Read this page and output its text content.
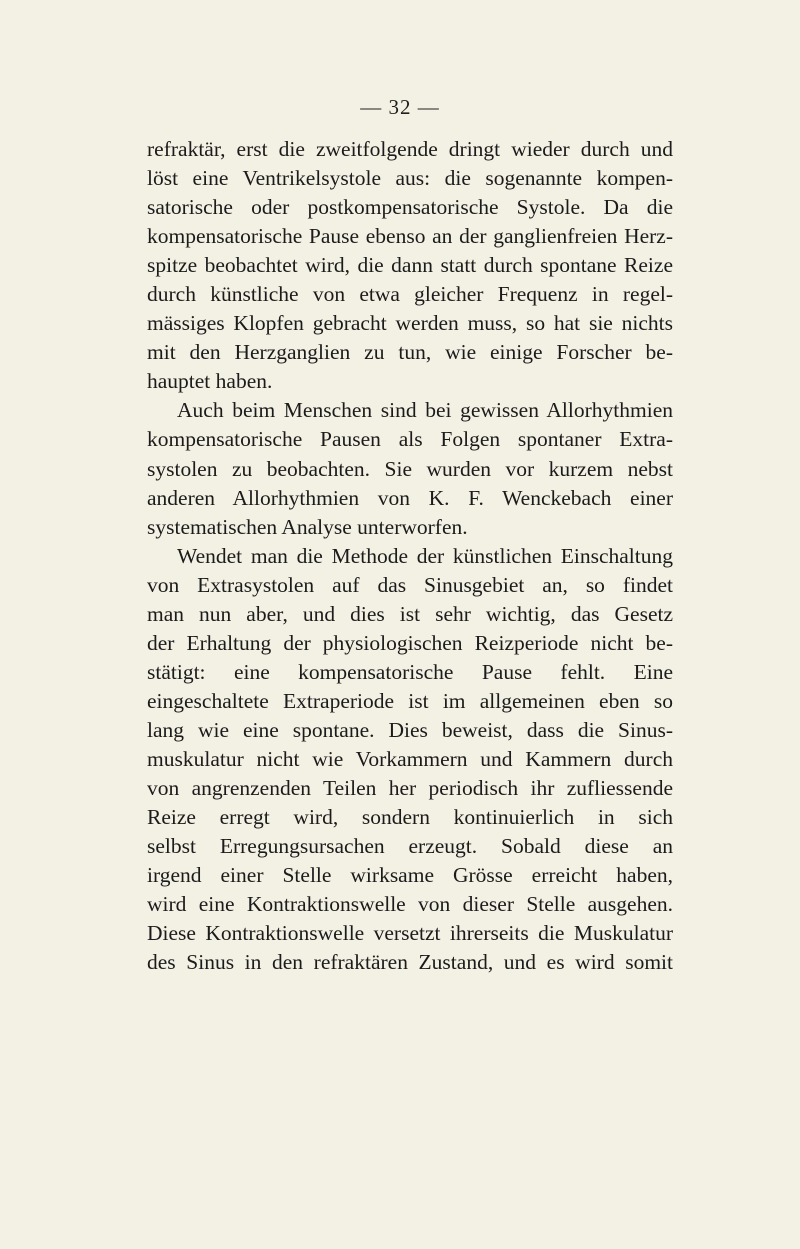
— 32 —
refraktär, erst die zweitfolgende dringt wieder durch und
löst eine Ventrikelsystole aus: die sogenannte kompen-
satorische oder postkompensatorische Systole. Da die
kompensatorische Pause ebenso an der ganglienfreien Herz-
spitze beobachtet wird, die dann statt durch spontane Reize
durch künstliche von etwa gleicher Frequenz in regel-
mässiges Klopfen gebracht werden muss, so hat sie nichts
mit den Herzganglien zu tun, wie einige Forscher be-
hauptet haben.
Auch beim Menschen sind bei gewissen Allorhythmien
kompensatorische Pausen als Folgen spontaner Extra-
systolen zu beobachten. Sie wurden vor kurzem nebst
anderen Allorhythmien von K. F. Wenckebach einer
systematischen Analyse unterworfen.
Wendet man die Methode der künstlichen Einschaltung
von Extrasystolen auf das Sinusgebiet an, so findet
man nun aber, und dies ist sehr wichtig, das Gesetz
der Erhaltung der physiologischen Reizperiode nicht be-
stätigt: eine kompensatorische Pause fehlt. Eine
eingeschaltete Extraperiode ist im allgemeinen eben so
lang wie eine spontane. Dies beweist, dass die Sinus-
muskulatur nicht wie Vorkammern und Kammern durch
von angrenzenden Teilen her periodisch ihr zufliessende
Reize erregt wird, sondern kontinuierlich in sich
selbst Erregungsursachen erzeugt. Sobald diese an
irgend einer Stelle wirksame Grösse erreicht haben,
wird eine Kontraktionswelle von dieser Stelle ausgehen.
Diese Kontraktionswelle versetzt ihrerseits die Muskulatur
des Sinus in den refraktären Zustand, und es wird somit
